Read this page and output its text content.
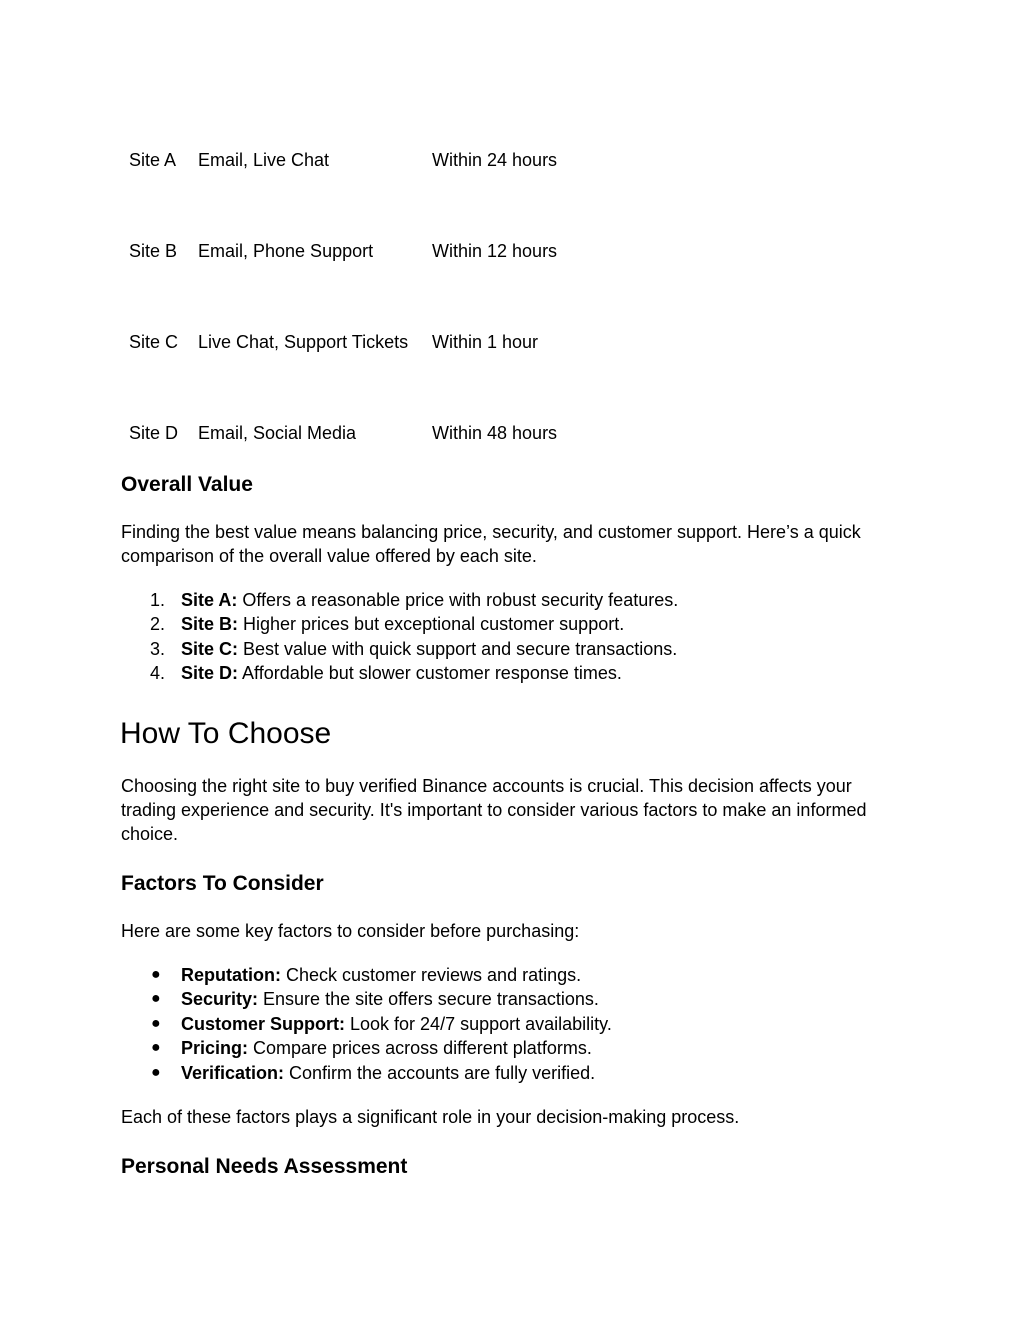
Site A	Email, Live Chat	Within 24 hours
Site B	Email, Phone Support	Within 12 hours
Site C	Live Chat, Support Tickets	Within 1 hour
Site D	Email, Social Media	Within 48 hours
Overall Value

Finding the best value means balancing price, security, and customer support. Here’s a quick comparison of the overall value offered by each site.

1. Site A: Offers a reasonable price with robust security features.
2. Site B: Higher prices but exceptional customer support.
3. Site C: Best value with quick support and secure transactions.
4. Site D: Affordable but slower customer response times.
How To Choose

Choosing the right site to buy verified Binance accounts is crucial. This decision affects your trading experience and security. It's important to consider various factors to make an informed choice.

Factors To Consider

Here are some key factors to consider before purchasing:

● Reputation: Check customer reviews and ratings.
● Security: Ensure the site offers secure transactions.
● Customer Support: Look for 24/7 support availability.
● Pricing: Compare prices across different platforms.
● Verification: Confirm the accounts are fully verified.

Each of these factors plays a significant role in your decision-making process.

Personal Needs Assessment
